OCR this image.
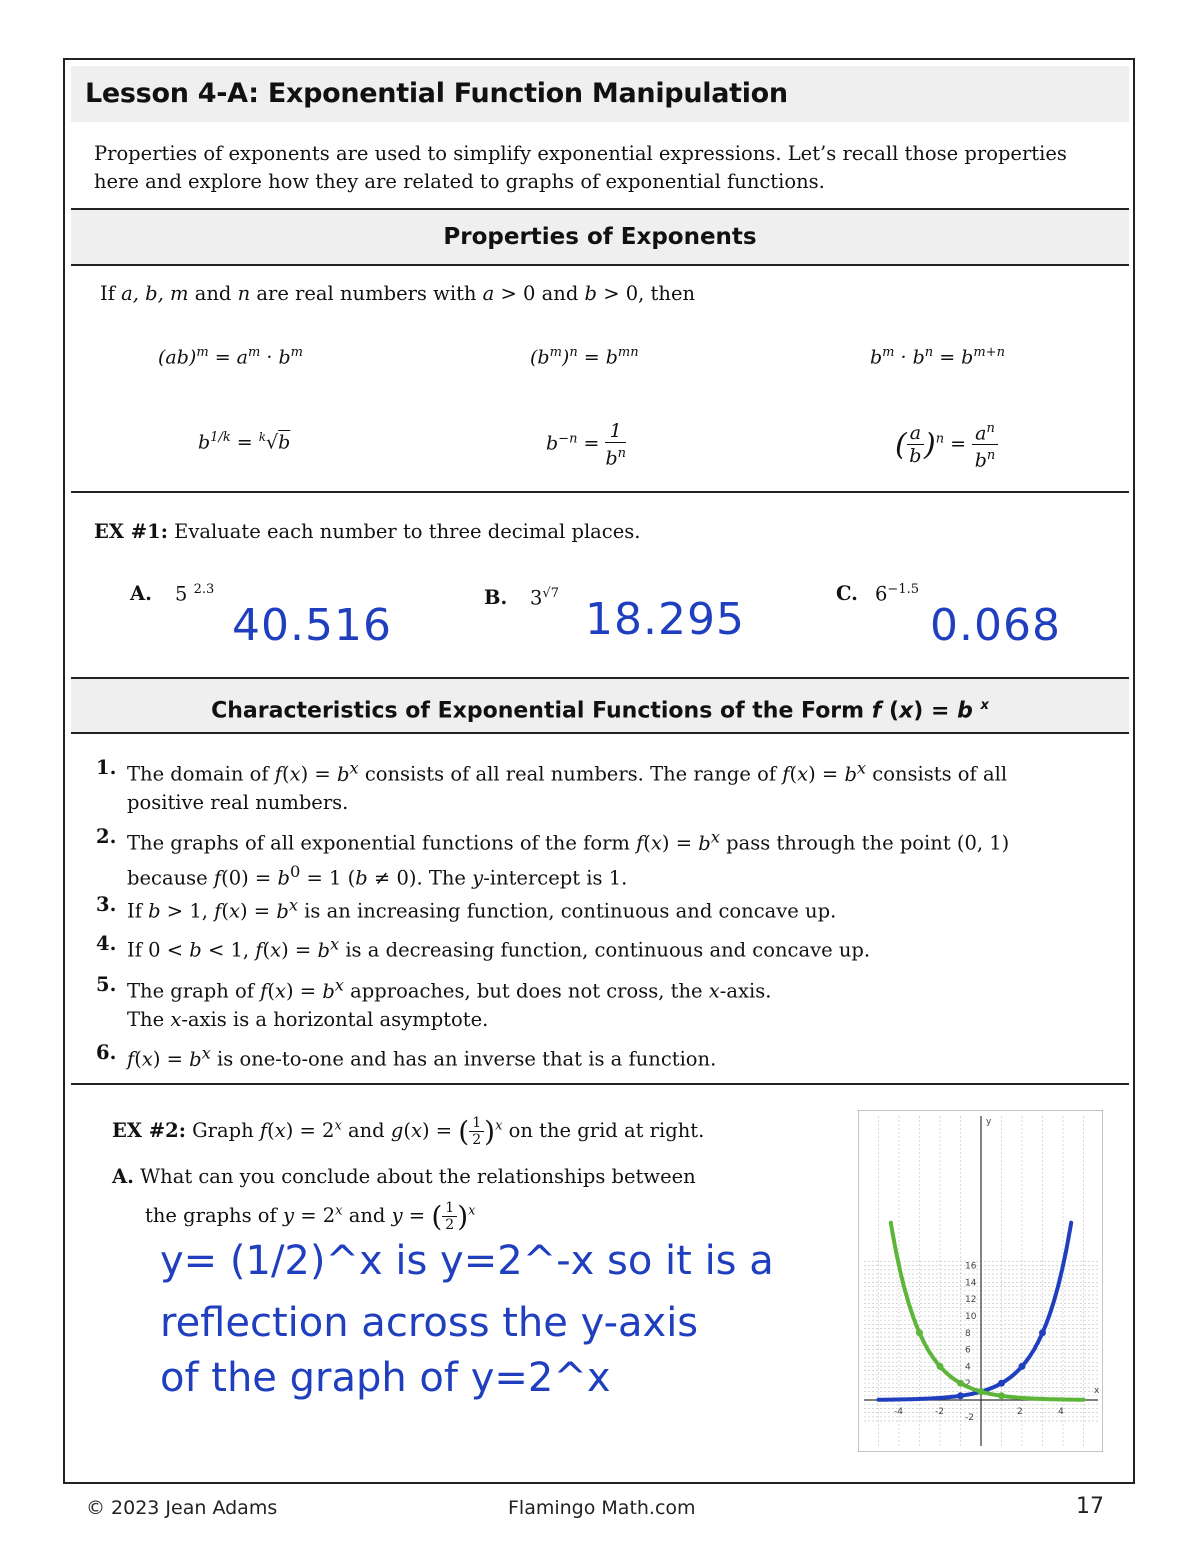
Lesson 4-A: Exponential Function Manipulation
Properties of exponents are used to simplify exponential expressions. Let’s recall those properties here and explore how they are related to graphs of exponential functions.
Properties of Exponents
If a, b, m and n are real numbers with a > 0 and b > 0, then
$(ab)^m = a^m \cdot b^m$	$(b^m)^n = b^{mn}$	$b^m \cdot b^n = b^{m+n}$
$b^{1/k} = ^k√b$	$b^{-n} = \frac{1}{b^n}$	( $\frac{a}{b} )^n = \frac{a^n}{b^n}$
EX #1: Evaluate each number to three decimal places.
A. 5 $^{2.3}$
40.516
B. $3^{√7}$
18.295
C. $6^{-1.5}$
0.068
Characteristics of Exponential Functions of the Form f (x) = b $^x$
1. The domain of $f(x) = b^x$ consists of all real numbers. The range of $f(x) = b^x$ consists of all positive real numbers.
2. The graphs of all exponential functions of the form $f(x) = b^x$ pass through the point (0, 1) because $f(0) = b^0 = 1$ (b ≠ 0). The y-intercept is 1.
3. If b > 1, $f(x) = b^x$ is an increasing function, continuous and concave up.
4. If 0 < b < 1, $f(x) = b^x$ is a decreasing function, continuous and concave up.
5. The graph of $f(x) = b^x$ approaches, but does not cross, the x-axis.
The x-axis is a horizontal asymptote.
6. $f(x) = b^x$ is one-to-one and has an inverse that is a function.
EX #2: Graph $f(x) = 2^x$ and g(x) = ( $\frac{1}{2} )^x$ on the grid at right.
A. What can you conclude about the relationships between
the graphs of $y = 2^x$ and y = ( $\frac{1}{2} )^x$
y= (1/2)^x is y=2^-x so it is a
reflection across the y-axis
of the graph of y=2^x
16
14
12
10
8
6
4
2
-2
-4	-2	2	4
y
x
© 2023 Jean Adams	Flamingo Math.com	17
